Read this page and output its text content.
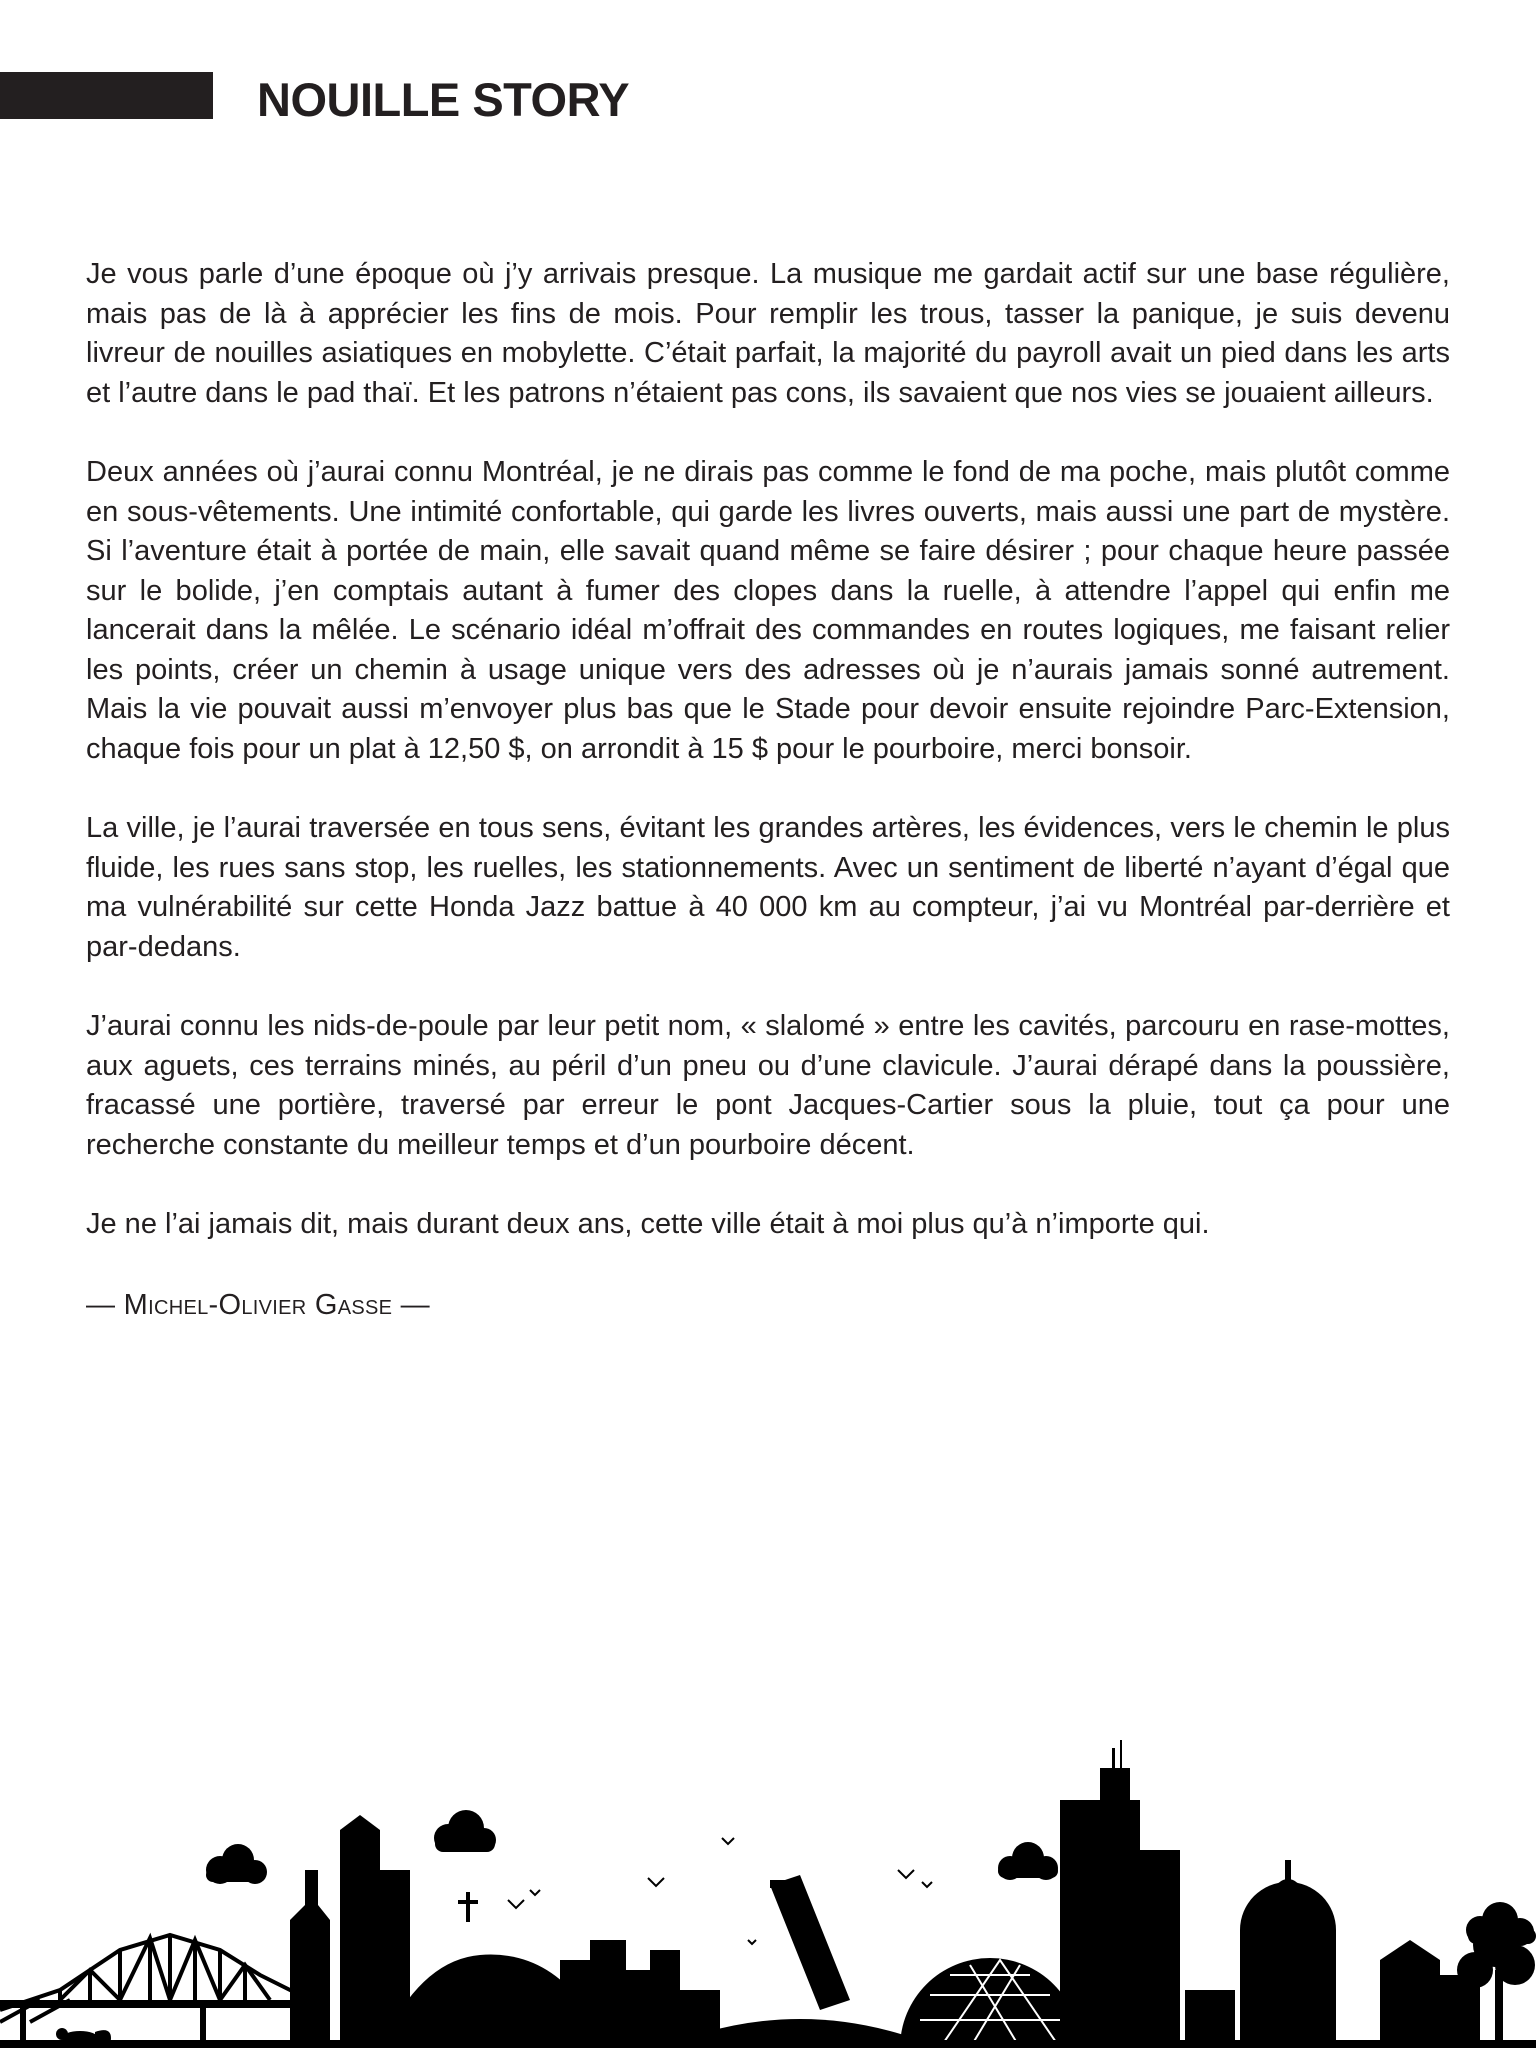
NOUILLE STORY

Je vous parle d’une époque où j’y arrivais presque. La musique me gardait actif sur une base régulière, mais pas de là à apprécier les fins de mois. Pour remplir les trous, tasser la panique, je suis devenu livreur de nouilles asiatiques en mobylette. C’était parfait, la majorité du payroll avait un pied dans les arts et l’autre dans le pad thaï. Et les patrons n’étaient pas cons, ils savaient que nos vies se jouaient ailleurs.

Deux années où j’aurai connu Montréal, je ne dirais pas comme le fond de ma poche, mais plutôt comme en sous-vêtements. Une intimité confortable, qui garde les livres ouverts, mais aussi une part de mystère. Si l’aventure était à portée de main, elle savait quand même se faire désirer ; pour chaque heure passée sur le bolide, j’en comptais autant à fumer des clopes dans la ruelle, à attendre l’appel qui enfin me lancerait dans la mêlée. Le scénario idéal m’offrait des commandes en routes logiques, me faisant relier les points, créer un chemin à usage unique vers des adresses où je n’aurais jamais sonné autrement. Mais la vie pouvait aussi m’envoyer plus bas que le Stade pour devoir ensuite rejoindre Parc-Extension, chaque fois pour un plat à 12,50 $, on arrondit à 15 $ pour le pourboire, merci bonsoir.

La ville, je l’aurai traversée en tous sens, évitant les grandes artères, les évidences, vers le chemin le plus fluide, les rues sans stop, les ruelles, les stationnements. Avec un sentiment de liberté n’ayant d’égal que ma vulnérabilité sur cette Honda Jazz battue à 40 000 km au compteur, j’ai vu Montréal par-derrière et par-dedans.

J’aurai connu les nids-de-poule par leur petit nom, « slalomé » entre les cavités, parcouru en rase-mottes, aux aguets, ces terrains minés, au péril d’un pneu ou d’une clavicule. J’aurai dérapé dans la poussière, fracassé une portière, traversé par erreur le pont Jacques-Cartier sous la pluie, tout ça pour une recherche constante du meilleur temps et d’un pourboire décent.

Je ne l’ai jamais dit, mais durant deux ans, cette ville était à moi plus qu’à n’importe qui.

— Michel-Olivier Gasse —
